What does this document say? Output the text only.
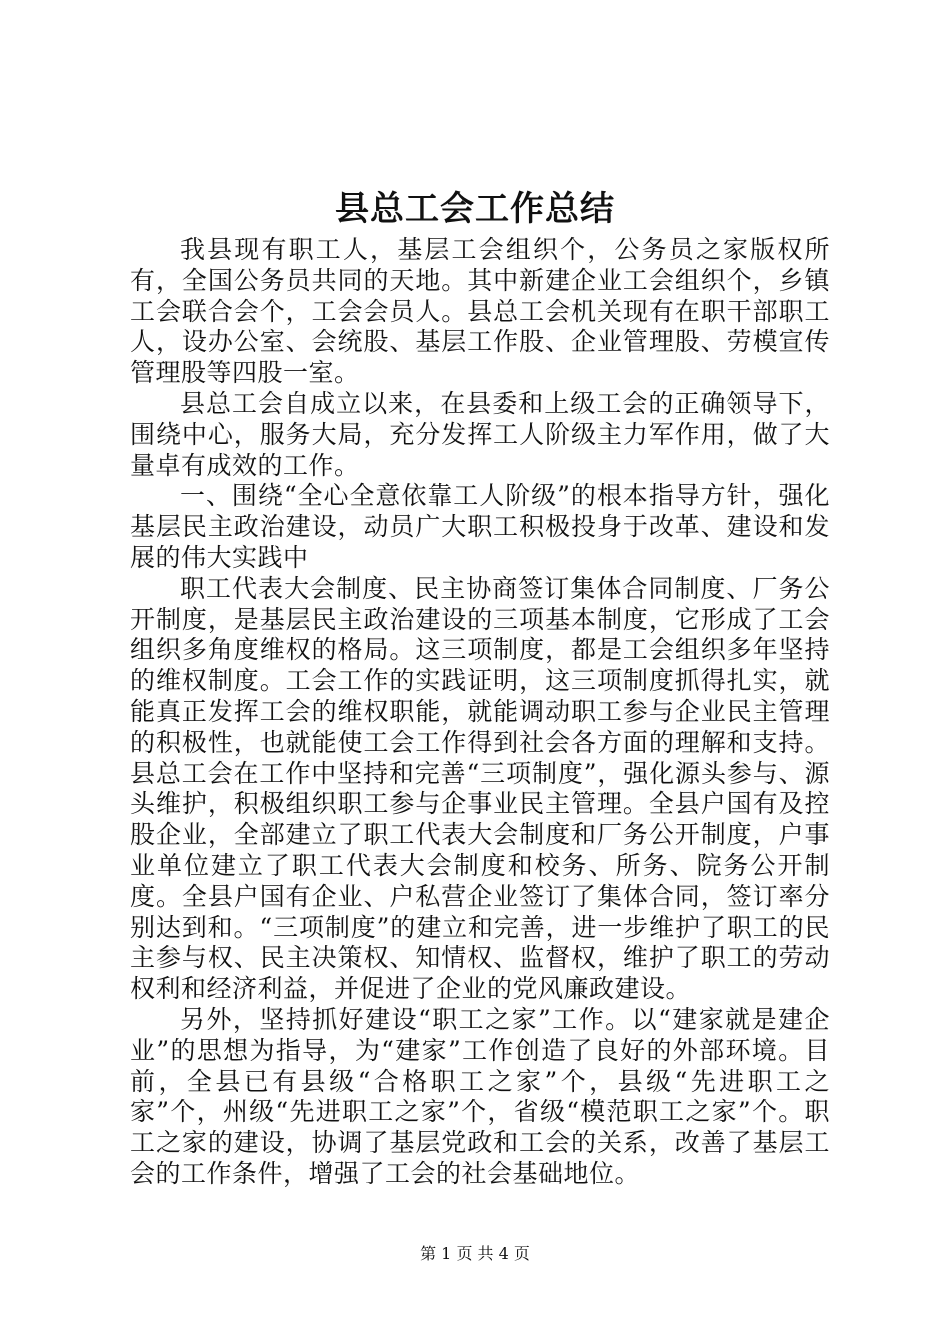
县总工会工作总结

我县现有职工人，基层工会组织个，公务员之家版权所有，全国公务员共同的天地。其中新建企业工会组织个，乡镇工会联合会个，工会会员人。县总工会机关现有在职干部职工人，设办公室、会统股、基层工作股、企业管理股、劳模宣传管理股等四股一室。

县总工会自成立以来，在县委和上级工会的正确领导下，围绕中心，服务大局，充分发挥工人阶级主力军作用，做了大量卓有成效的工作。

一、围绕“全心全意依靠工人阶级”的根本指导方针，强化基层民主政治建设，动员广大职工积极投身于改革、建设和发展的伟大实践中

职工代表大会制度、民主协商签订集体合同制度、厂务公开制度，是基层民主政治建设的三项基本制度，它形成了工会组织多角度维权的格局。这三项制度，都是工会组织多年坚持的维权制度。工会工作的实践证明，这三项制度抓得扎实，就能真正发挥工会的维权职能，就能调动职工参与企业民主管理的积极性，也就能使工会工作得到社会各方面的理解和支持。县总工会在工作中坚持和完善“三项制度”，强化源头参与、源头维护，积极组织职工参与企事业民主管理。全县户国有及控股企业，全部建立了职工代表大会制度和厂务公开制度，户事业单位建立了职工代表大会制度和校务、所务、院务公开制度。全县户国有企业、户私营企业签订了集体合同，签订率分别达到和。“三项制度”的建立和完善，进一步维护了职工的民主参与权、民主决策权、知情权、监督权，维护了职工的劳动权利和经济利益，并促进了企业的党风廉政建设。

另外，坚持抓好建设“职工之家”工作。以“建家就是建企业”的思想为指导，为“建家”工作创造了良好的外部环境。目前，全县已有县级“合格职工之家”个，县级“先进职工之家”个，州级“先进职工之家”个，省级“模范职工之家”个。职工之家的建设，协调了基层党政和工会的关系，改善了基层工会的工作条件，增强了工会的社会基础地位。

第 1 页 共 4 页
